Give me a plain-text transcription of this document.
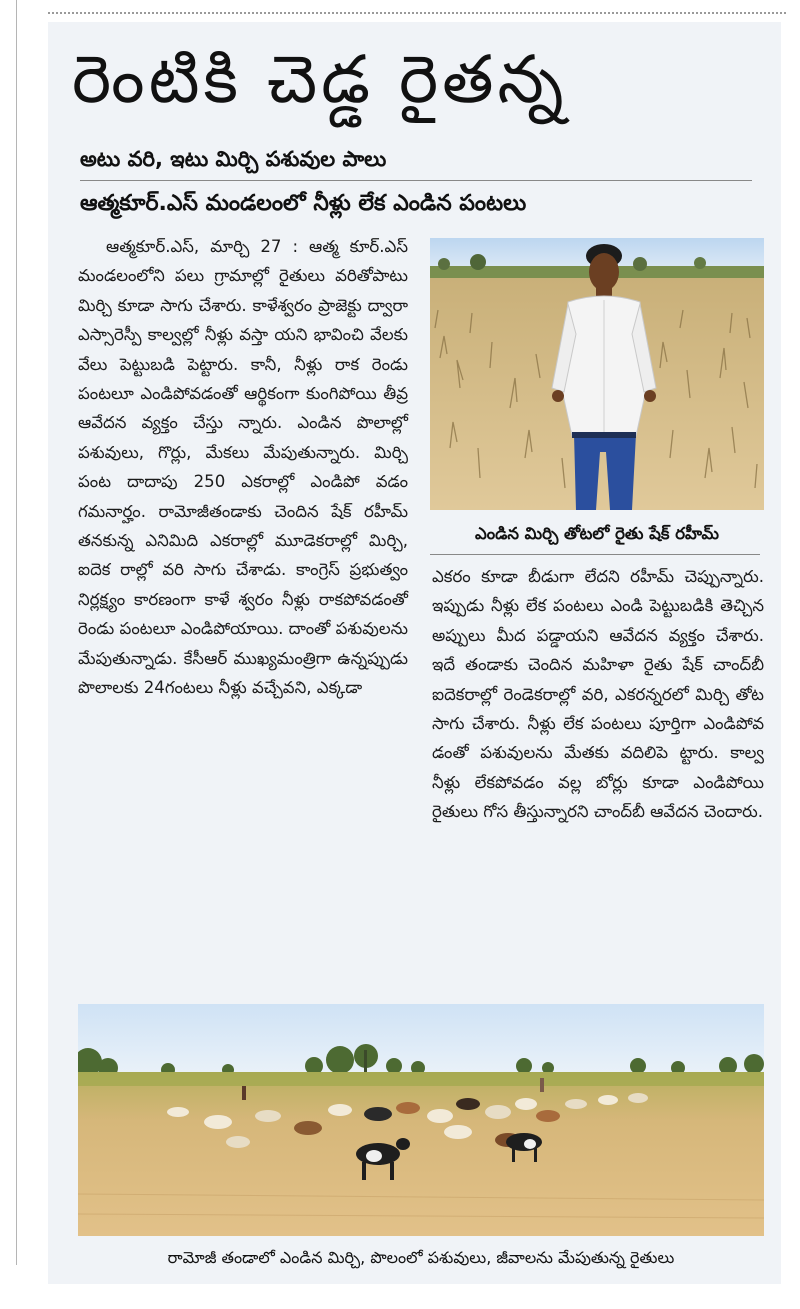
రెంటికి చెడ్డ రైతన్న
అటు వరి, ఇటు మిర్చి పశువుల పాలు
ఆత్మకూర్.ఎస్ మండలంలో నీళ్లు లేక ఎండిన పంటలు

ఆత్మకూర్.ఎస్, మార్చి 27 : ఆత్మ కూర్.ఎస్ మండలంలోని పలు గ్రామాల్లో రైతులు వరితోపాటు మిర్చి కూడా సాగు చేశారు. కాళేశ్వరం ప్రాజెక్టు ద్వారా ఎస్సారెస్పీ కాల్వల్లో నీళ్లు వస్తా యని భావించి వేలకు వేలు పెట్టుబడి పెట్టారు. కానీ, నీళ్లు రాక రెండు పంటలూ ఎండిపోవడంతో ఆర్థికంగా కుంగిపోయి తీవ్ర ఆవేదన వ్యక్తం చేస్తు న్నారు. ఎండిన పొలాల్లో పశువులు, గొర్లు, మేకలు మేపుతున్నారు. మిర్చి పంట దాదాపు 250 ఎకరాల్లో ఎండిపో వడం గమనార్హం. రామోజీతండాకు చెందిన షేక్ రహీమ్ తనకున్న ఎనిమిది ఎకరాల్లో మూడెకరాల్లో మిర్చి, ఐదెక రాల్లో వరి సాగు చేశాడు. కాంగ్రెస్ ప్రభుత్వం నిర్లక్ష్యం కారణంగా కాళే శ్వరం నీళ్లు రాకపోవడంతో రెండు పంటలూ ఎండిపోయాయి. దాంతో పశువులను మేపుతున్నాడు. కేసీఆర్ ముఖ్యమంత్రిగా ఉన్నప్పుడు పొలాలకు 24గంటలు నీళ్లు వచ్చేవని, ఎక్కడా

ఎండిన మిర్చి తోటలో రైతు షేక్ రహీమ్

ఎకరం కూడా బీడుగా లేదని రహీమ్ చెప్పున్నారు. ఇప్పుడు నీళ్లు లేక పంటలు ఎండి పెట్టుబడికి తెచ్చిన అప్పులు మీద పడ్డాయని ఆవేదన వ్యక్తం చేశారు. ఇదే తండాకు చెందిన మహిళా రైతు షేక్ చాంద్‌బీ ఐదెకరాల్లో రెండెకరాల్లో వరి, ఎకరన్నరలో మిర్చి తోట సాగు చేశారు. నీళ్లు లేక పంటలు పూర్తిగా ఎండిపోవ డంతో పశువులను మేతకు వదిలిపె ట్టారు. కాల్వ నీళ్లు లేకపోవడం వల్ల బోర్లు కూడా ఎండిపోయి రైతులు గోస తీస్తున్నారని చాంద్‌బీ ఆవేదన చెందారు.

రామోజీ తండాలో ఎండిన మిర్చి, పొలంలో పశువులు, జీవాలను మేపుతున్న రైతులు
